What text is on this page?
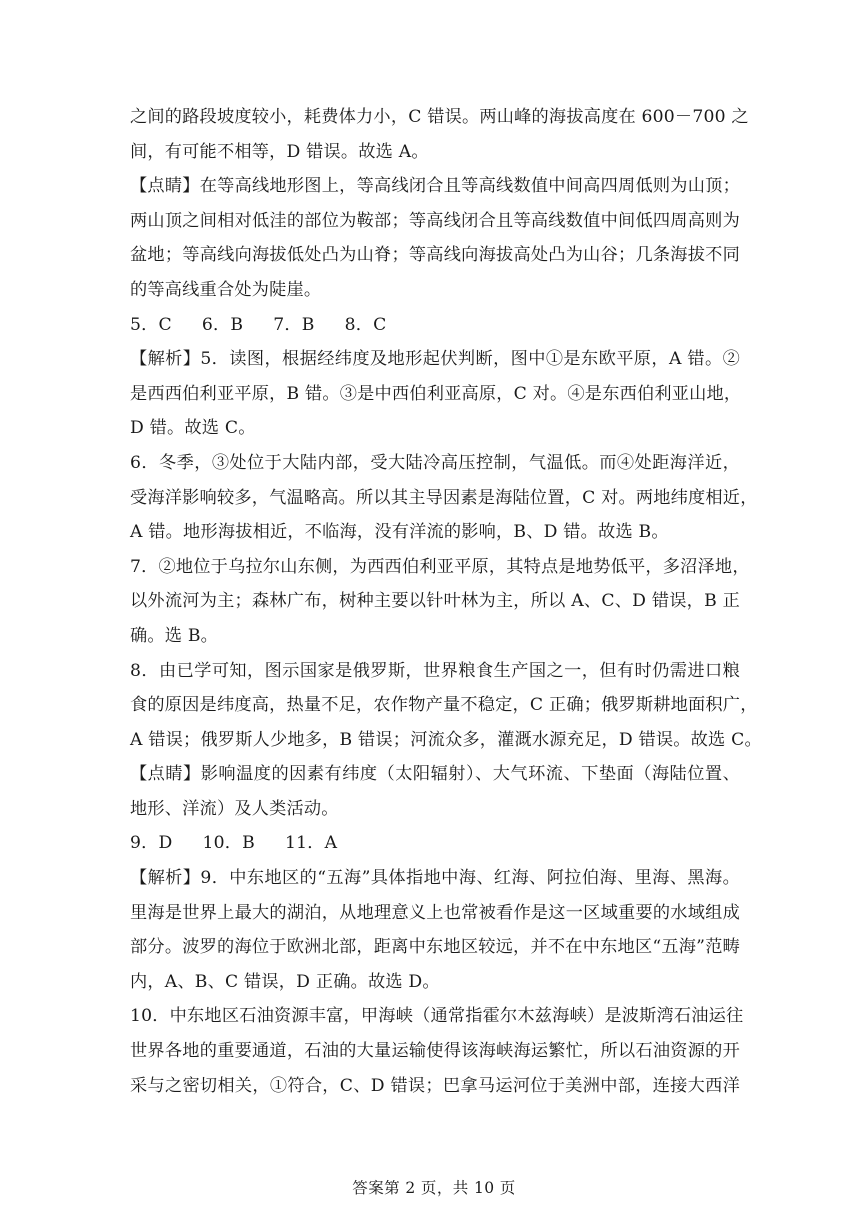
之间的路段坡度较小，耗费体力小，C 错误。两山峰的海拔高度在 600－700 之
间，有可能不相等，D 错误。故选 A。
【点睛】在等高线地形图上，等高线闭合且等高线数值中间高四周低则为山顶；
两山顶之间相对低洼的部位为鞍部；等高线闭合且等高线数值中间低四周高则为
盆地；等高线向海拔低处凸为山脊；等高线向海拔高处凸为山谷；几条海拔不同
的等高线重合处为陡崖。
5．C 6．B 7．B 8．C
【解析】5．读图，根据经纬度及地形起伏判断，图中①是东欧平原，A 错。②
是西西伯利亚平原，B 错。③是中西伯利亚高原，C 对。④是东西伯利亚山地，
D 错。故选 C。
6．冬季，③处位于大陆内部，受大陆冷高压控制，气温低。而④处距海洋近，
受海洋影响较多，气温略高。所以其主导因素是海陆位置，C 对。两地纬度相近，
A 错。地形海拔相近，不临海，没有洋流的影响，B、D 错。故选 B。
7．②地位于乌拉尔山东侧，为西西伯利亚平原，其特点是地势低平，多沼泽地，
以外流河为主；森林广布，树种主要以针叶林为主，所以 A、C、D 错误，B 正
确。选 B。
8．由已学可知，图示国家是俄罗斯，世界粮食生产国之一，但有时仍需进口粮
食的原因是纬度高，热量不足，农作物产量不稳定，C 正确；俄罗斯耕地面积广，
A 错误；俄罗斯人少地多，B 错误；河流众多，灌溉水源充足，D 错误。故选 C。
【点睛】影响温度的因素有纬度（太阳辐射）、大气环流、下垫面（海陆位置、
地形、洋流）及人类活动。
9．D 10．B 11．A
【解析】9．中东地区的“五海”具体指地中海、红海、阿拉伯海、里海、黑海。
里海是世界上最大的湖泊，从地理意义上也常被看作是这一区域重要的水域组成
部分。波罗的海位于欧洲北部，距离中东地区较远，并不在中东地区“五海”范畴
内，A、B、C 错误，D 正确。故选 D。
10．中东地区石油资源丰富，甲海峡（通常指霍尔木兹海峡）是波斯湾石油运往
世界各地的重要通道，石油的大量运输使得该海峡海运繁忙，所以石油资源的开
采与之密切相关，①符合，C、D 错误；巴拿马运河位于美洲中部，连接大西洋
答案第 2 页，共 10 页
